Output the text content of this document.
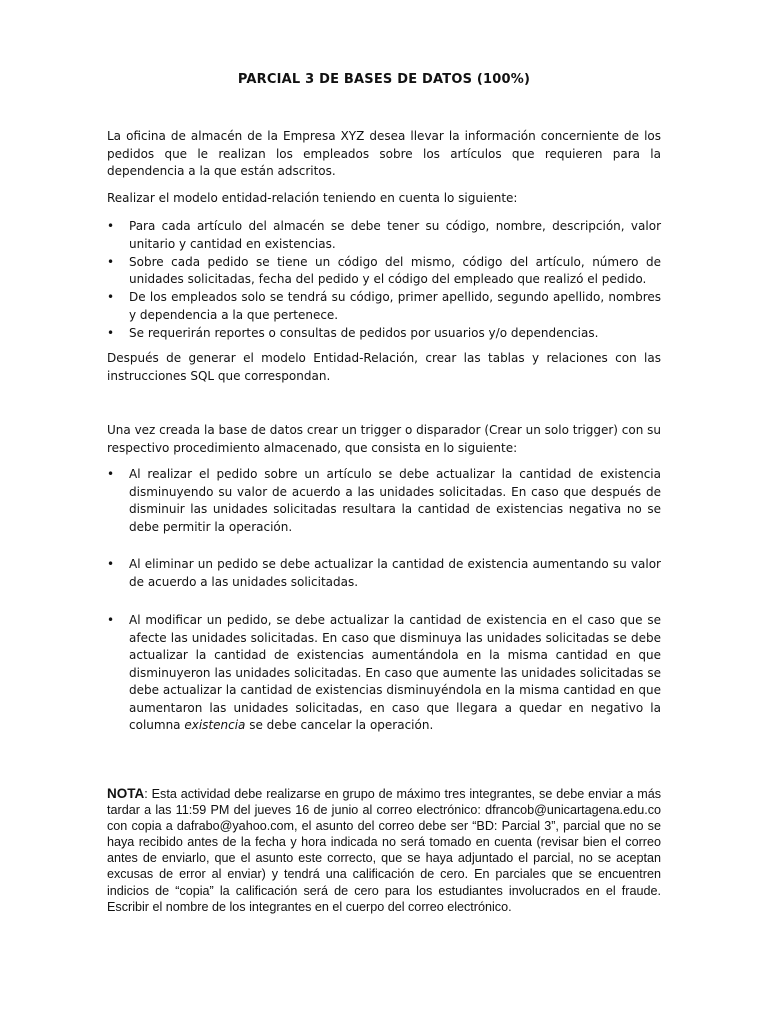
PARCIAL 3 DE BASES DE DATOS (100%)

La oficina de almacén de la Empresa XYZ desea llevar la información concerniente de los pedidos que le realizan los empleados sobre los artículos que requieren para la dependencia a la que están adscritos.

Realizar el modelo entidad-relación teniendo en cuenta lo siguiente:

• Para cada artículo del almacén se debe tener su código, nombre, descripción, valor unitario y cantidad en existencias.
• Sobre cada pedido se tiene un código del mismo, código del artículo, número de unidades solicitadas, fecha del pedido y el código del empleado que realizó el pedido.
• De los empleados solo se tendrá su código, primer apellido, segundo apellido, nombres y dependencia a la que pertenece.
• Se requerirán reportes o consultas de pedidos por usuarios y/o dependencias.

Después de generar el modelo Entidad-Relación, crear las tablas y relaciones con las instrucciones SQL que correspondan.

Una vez creada la base de datos crear un trigger o disparador (Crear un solo trigger) con su respectivo procedimiento almacenado, que consista en lo siguiente:

• Al realizar el pedido sobre un artículo se debe actualizar la cantidad de existencia disminuyendo su valor de acuerdo a las unidades solicitadas. En caso que después de disminuir las unidades solicitadas resultara la cantidad de existencias negativa no se debe permitir la operación.
• Al eliminar un pedido se debe actualizar la cantidad de existencia aumentando su valor de acuerdo a las unidades solicitadas.
• Al modificar un pedido, se debe actualizar la cantidad de existencia en el caso que se afecte las unidades solicitadas. En caso que disminuya las unidades solicitadas se debe actualizar la cantidad de existencias aumentándola en la misma cantidad en que disminuyeron las unidades solicitadas. En caso que aumente las unidades solicitadas se debe actualizar la cantidad de existencias disminuyéndola en la misma cantidad en que aumentaron las unidades solicitadas, en caso que llegara a quedar en negativo la columna existencia se debe cancelar la operación.

NOTA: Esta actividad debe realizarse en grupo de máximo tres integrantes, se debe enviar a más tardar a las 11:59 PM del jueves 16 de junio al correo electrónico: dfrancob@unicartagena.edu.co con copia a dafrabo@yahoo.com, el asunto del correo debe ser “BD: Parcial 3”, parcial que no se haya recibido antes de la fecha y hora indicada no será tomado en cuenta (revisar bien el correo antes de enviarlo, que el asunto este correcto, que se haya adjuntado el parcial, no se aceptan excusas de error al enviar) y tendrá una calificación de cero. En parciales que se encuentren indicios de “copia” la calificación será de cero para los estudiantes involucrados en el fraude. Escribir el nombre de los integrantes en el cuerpo del correo electrónico.
